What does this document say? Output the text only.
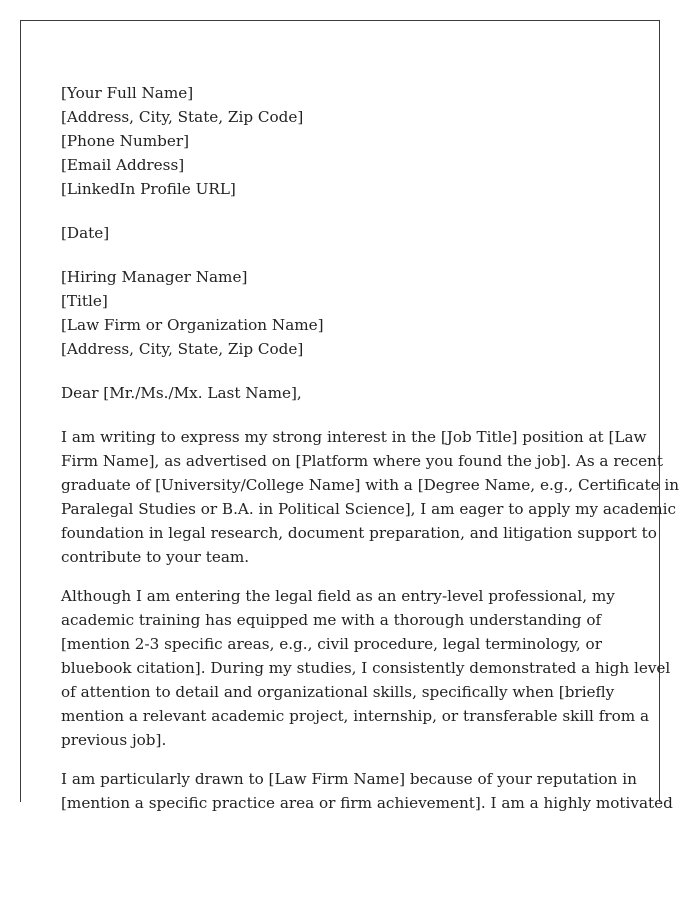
[Your Full Name]
[Address, City, State, Zip Code]
[Phone Number]
[Email Address]
[LinkedIn Profile URL]
[Date]
[Hiring Manager Name]
[Title]
[Law Firm or Organization Name]
[Address, City, State, Zip Code]
Dear [Mr./Ms./Mx. Last Name],
I am writing to express my strong interest in the [Job Title] position at [Law
Firm Name], as advertised on [Platform where you found the job]. As a recent
graduate of [University/College Name] with a [Degree Name, e.g., Certificate in
Paralegal Studies or B.A. in Political Science], I am eager to apply my academic
foundation in legal research, document preparation, and litigation support to
contribute to your team.
Although I am entering the legal field as an entry-level professional, my
academic training has equipped me with a thorough understanding of
[mention 2-3 specific areas, e.g., civil procedure, legal terminology, or
bluebook citation]. During my studies, I consistently demonstrated a high level
of attention to detail and organizational skills, specifically when [briefly
mention a relevant academic project, internship, or transferable skill from a
previous job].
I am particularly drawn to [Law Firm Name] because of your reputation in
[mention a specific practice area or firm achievement]. I am a highly motivated
